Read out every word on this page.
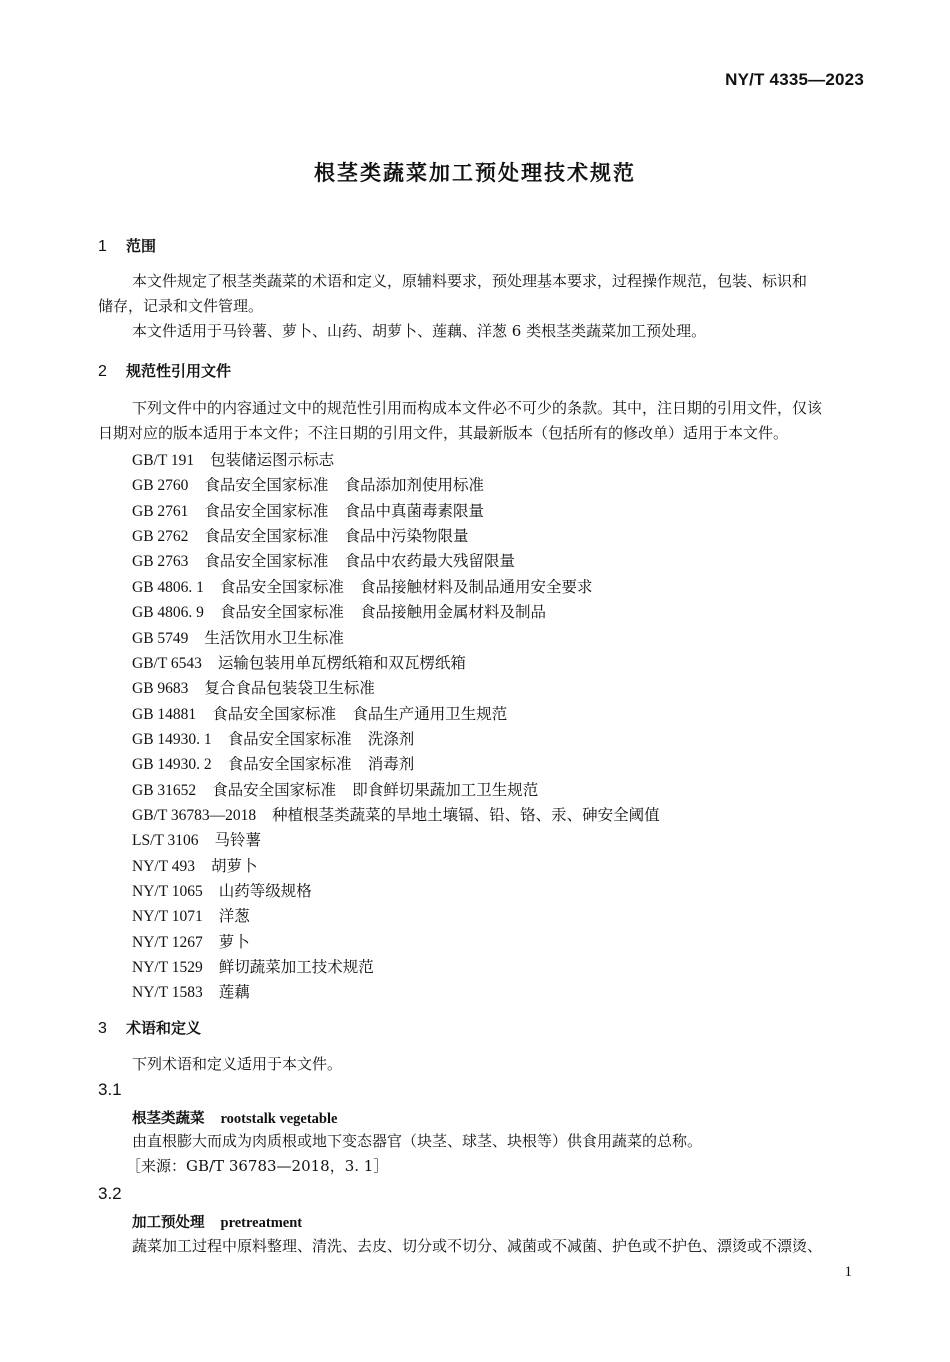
NY/T 4335—2023
根茎类蔬菜加工预处理技术规范
1 范围
本文件规定了根茎类蔬菜的术语和定义，原辅料要求，预处理基本要求，过程操作规范，包装、标识和
储存，记录和文件管理。
本文件适用于马铃薯、萝卜、山药、胡萝卜、莲藕、洋葱 6 类根茎类蔬菜加工预处理。
2 规范性引用文件
下列文件中的内容通过文中的规范性引用而构成本文件必不可少的条款。其中，注日期的引用文件，仅该
日期对应的版本适用于本文件；不注日期的引用文件，其最新版本（包括所有的修改单）适用于本文件。
GB/T 191 包装储运图示标志
GB 2760 食品安全国家标准 食品添加剂使用标准
GB 2761 食品安全国家标准 食品中真菌毒素限量
GB 2762 食品安全国家标准 食品中污染物限量
GB 2763 食品安全国家标准 食品中农药最大残留限量
GB 4806. 1 食品安全国家标准 食品接触材料及制品通用安全要求
GB 4806. 9 食品安全国家标准 食品接触用金属材料及制品
GB 5749 生活饮用水卫生标准
GB/T 6543 运输包装用单瓦楞纸箱和双瓦楞纸箱
GB 9683 复合食品包装袋卫生标准
GB 14881 食品安全国家标准 食品生产通用卫生规范
GB 14930. 1 食品安全国家标准 洗涤剂
GB 14930. 2 食品安全国家标准 消毒剂
GB 31652 食品安全国家标准 即食鲜切果蔬加工卫生规范
GB/T 36783—2018 种植根茎类蔬菜的旱地土壤镉、铅、铬、汞、砷安全阈值
LS/T 3106 马铃薯
NY/T 493 胡萝卜
NY/T 1065 山药等级规格
NY/T 1071 洋葱
NY/T 1267 萝卜
NY/T 1529 鲜切蔬菜加工技术规范
NY/T 1583 莲藕
3 术语和定义
下列术语和定义适用于本文件。
3.1
根茎类蔬菜 rootstalk vegetable
由直根膨大而成为肉质根或地下变态器官（块茎、球茎、块根等）供食用蔬菜的总称。
［来源：GB/T 36783—2018，3. 1］
3.2
加工预处理 pretreatment
蔬菜加工过程中原料整理、清洗、去皮、切分或不切分、减菌或不减菌、护色或不护色、漂烫或不漂烫、
1
